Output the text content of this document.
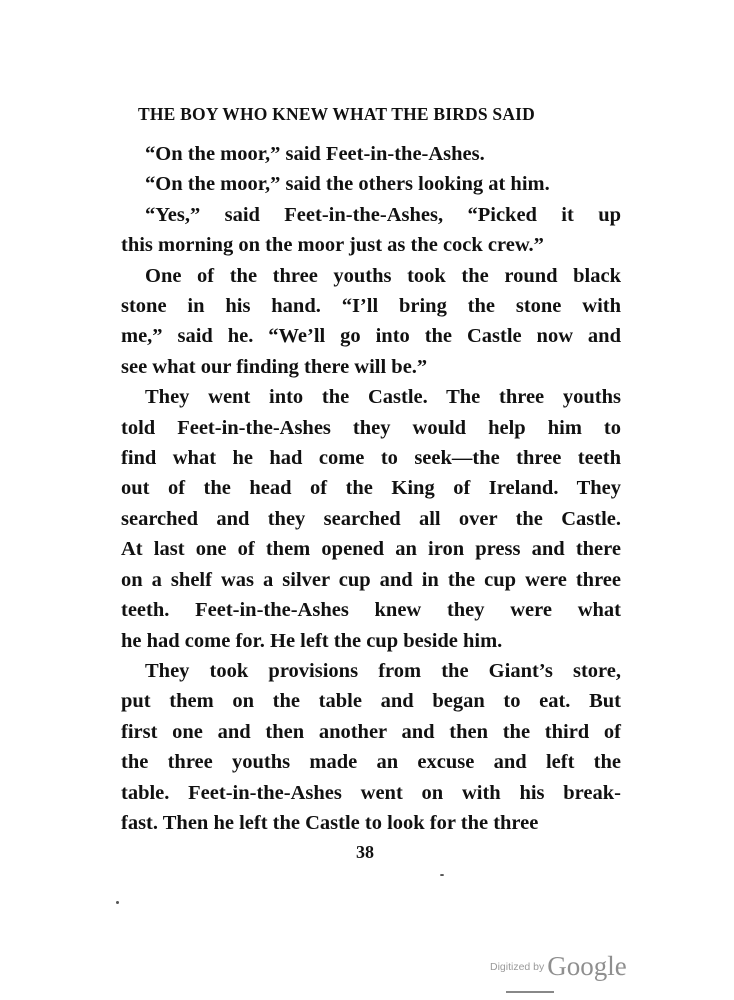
THE BOY WHO KNEW WHAT THE BIRDS SAID
“On the moor,” said Feet-in-the-Ashes.
“On the moor,” said the others looking at him.
“Yes,” said Feet-in-the-Ashes, “Picked it up
this morning on the moor just as the cock crew.”
One of the three youths took the round black
stone in his hand. “I’ll bring the stone with
me,” said he. “We’ll go into the Castle now and
see what our finding there will be.”
They went into the Castle. The three youths
told Feet-in-the-Ashes they would help him to
find what he had come to seek—the three teeth
out of the head of the King of Ireland. They
searched and they searched all over the Castle.
At last one of them opened an iron press and there
on a shelf was a silver cup and in the cup were three
teeth. Feet-in-the-Ashes knew they were what
he had come for. He left the cup beside him.
They took provisions from the Giant’s store,
put them on the table and began to eat. But
first one and then another and then the third of
the three youths made an excuse and left the
table. Feet-in-the-Ashes went on with his break-
fast. Then he left the Castle to look for the three
38
Digitized by Google
